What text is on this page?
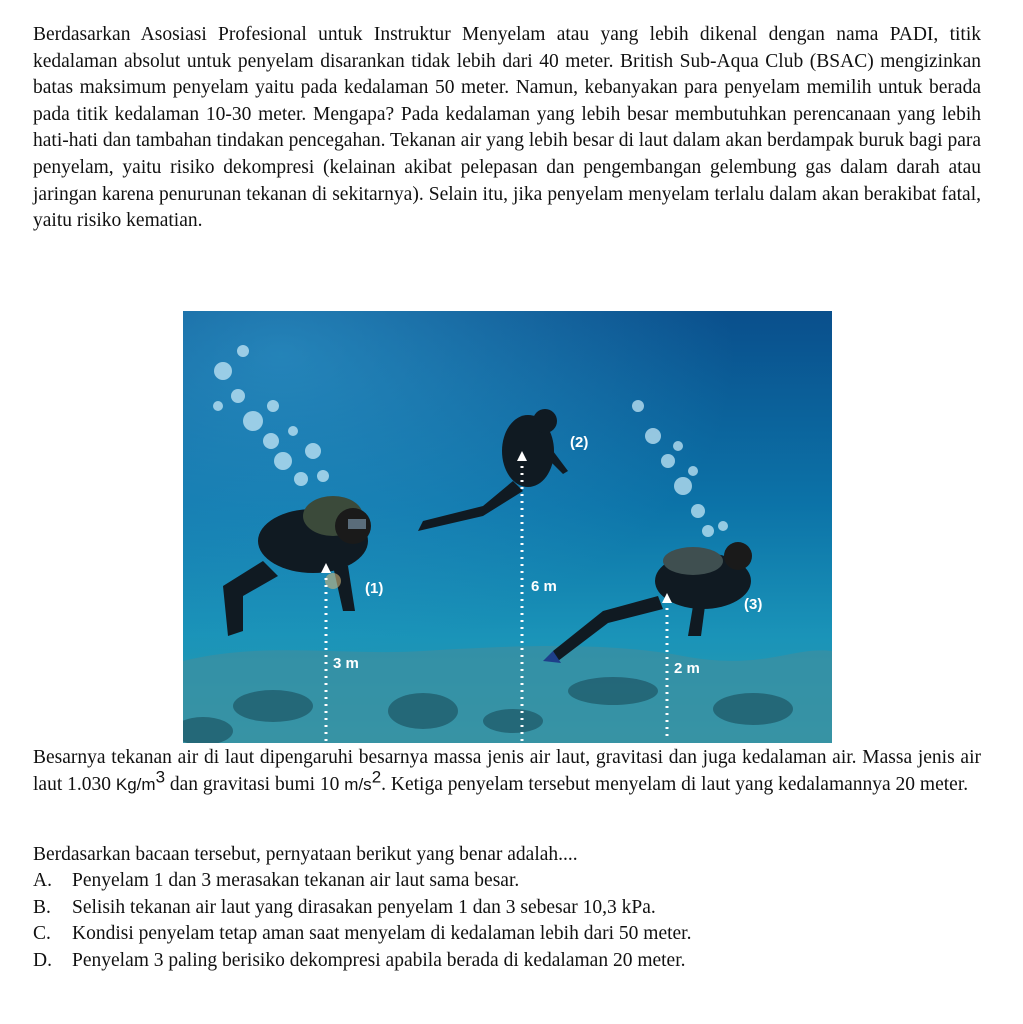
Berdasarkan Asosiasi Profesional untuk Instruktur Menyelam atau yang lebih dikenal dengan nama PADI, titik kedalaman absolut untuk penyelam disarankan tidak lebih dari 40 meter. British Sub-Aqua Club (BSAC) mengizinkan batas maksimum penyelam yaitu pada kedalaman 50 meter. Namun, kebanyakan para penyelam memilih untuk berada pada titik kedalaman 10-30 meter. Mengapa? Pada kedalaman yang lebih besar membutuhkan perencanaan yang lebih hati-hati dan tambahan tindakan pencegahan. Tekanan air yang lebih besar di laut dalam akan berdampak buruk bagi para penyelam, yaitu risiko dekompresi (kelainan akibat pelepasan dan pengembangan gelembung gas dalam darah atau jaringan karena penurunan tekanan di sekitarnya). Selain itu, jika penyelam menyelam terlalu dalam akan berakibat fatal, yaitu risiko kematian.

(1)
(2)
(3)
3 m
6 m
2 m

Besarnya tekanan air di laut dipengaruhi besarnya massa jenis air laut, gravitasi dan juga kedalaman air. Massa jenis air laut 1.030 $Kg/m^3$ dan gravitasi bumi 10 $m/s^2$. Ketiga penyelam tersebut menyelam di laut yang kedalamannya 20 meter.

Berdasarkan bacaan tersebut, pernyataan berikut yang benar adalah....

A.	Penyelam 1 dan 3 merasakan tekanan air laut sama besar.
B.	Selisih tekanan air laut yang dirasakan penyelam 1 dan 3 sebesar 10,3 kPa.
C.	Kondisi penyelam tetap aman saat menyelam di kedalaman lebih dari 50 meter.
D.	Penyelam 3 paling berisiko dekompresi apabila berada di kedalaman 20 meter.
